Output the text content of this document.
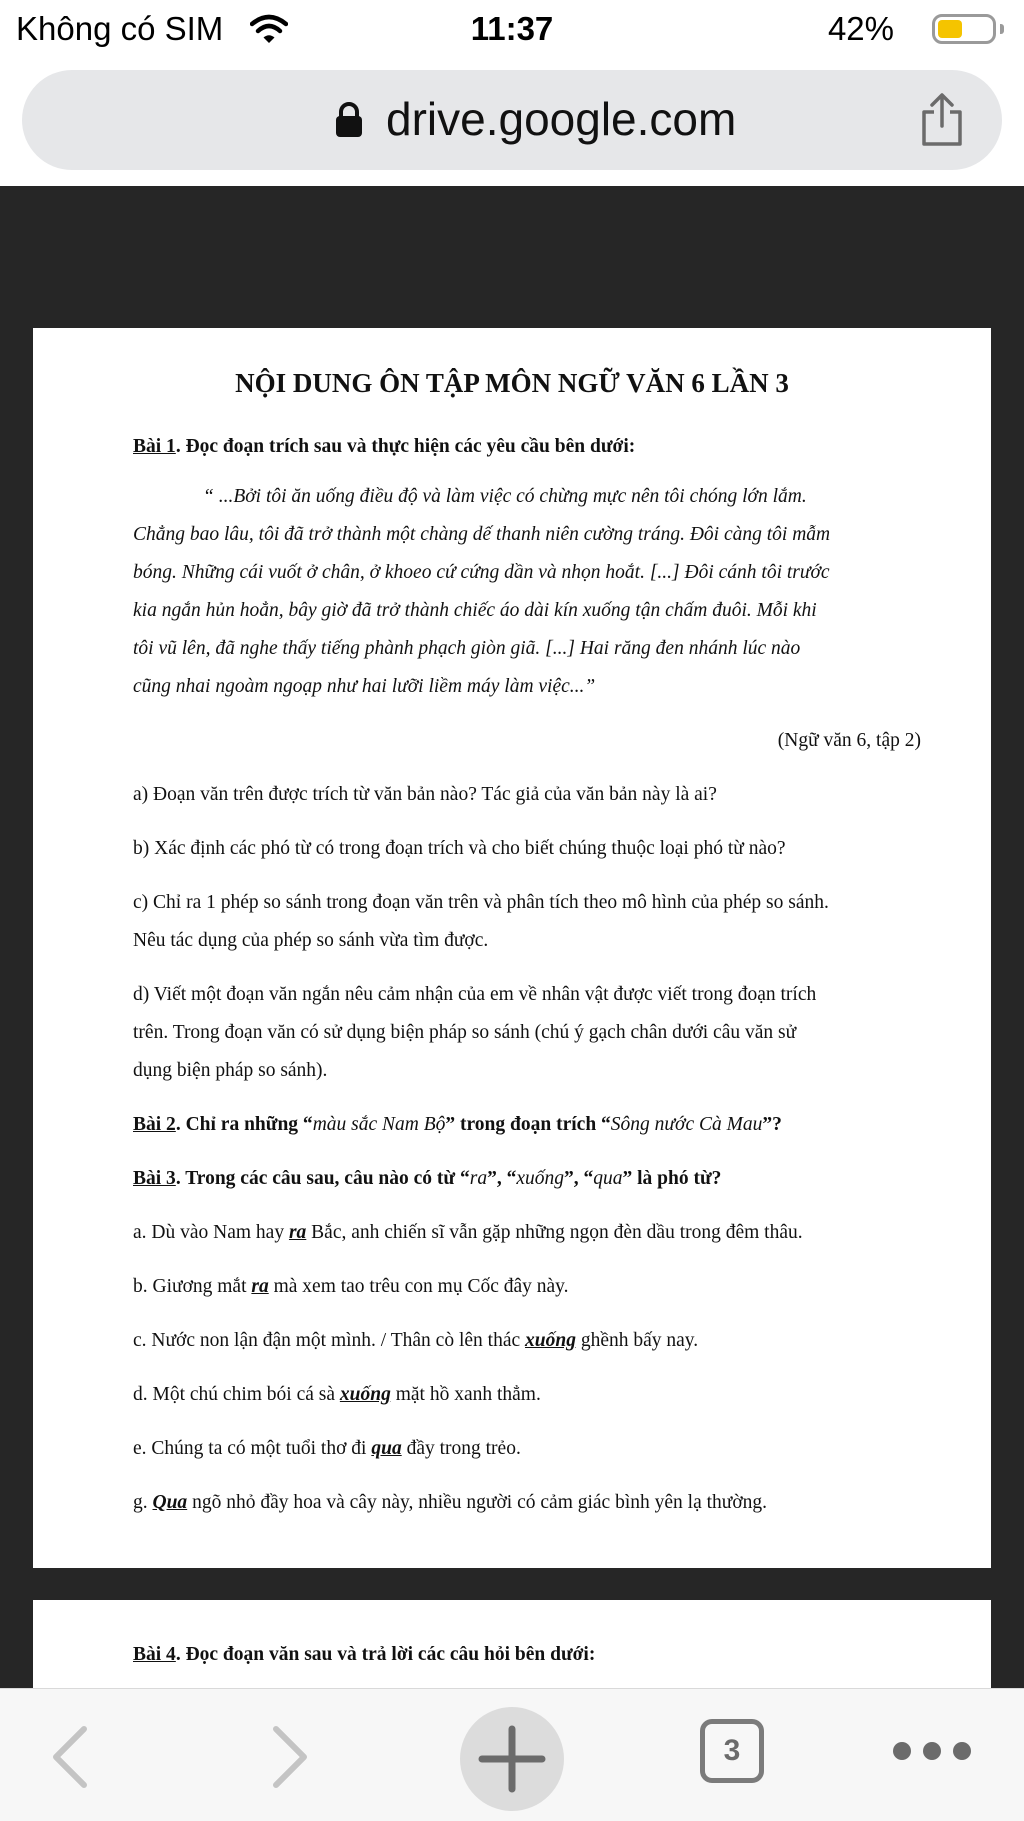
Không có SIM	11:37	42%
drive.google.com
NỘI DUNG ÔN TẬP MÔN NGỮ VĂN 6 LẦN 3
Bài 1. Đọc đoạn trích sau và thực hiện các yêu cầu bên dưới:
“ ...Bởi tôi ăn uống điều độ và làm việc có chừng mực nên tôi chóng lớn lắm.
Chẳng bao lâu, tôi đã trở thành một chàng dế thanh niên cường tráng. Đôi càng tôi mẫm
bóng. Những cái vuốt ở chân, ở khoeo cứ cứng dần và nhọn hoắt. [...] Đôi cánh tôi trước
kia ngắn hủn hoẳn, bây giờ đã trở thành chiếc áo dài kín xuống tận chấm đuôi. Mỗi khi
tôi vũ lên, đã nghe thấy tiếng phành phạch giòn giã. [...] Hai răng đen nhánh lúc nào
cũng nhai ngoàm ngoạp như hai lưỡi liềm máy làm việc...”
(Ngữ văn 6, tập 2)
a) Đoạn văn trên được trích từ văn bản nào? Tác giả của văn bản này là ai?
b) Xác định các phó từ có trong đoạn trích và cho biết chúng thuộc loại phó từ nào?
c) Chỉ ra 1 phép so sánh trong đoạn văn trên và phân tích theo mô hình của phép so sánh.
Nêu tác dụng của phép so sánh vừa tìm được.
d) Viết một đoạn văn ngắn nêu cảm nhận của em về nhân vật được viết trong đoạn trích
trên. Trong đoạn văn có sử dụng biện pháp so sánh (chú ý gạch chân dưới câu văn sử
dụng biện pháp so sánh).
Bài 2. Chỉ ra những “màu sắc Nam Bộ” trong đoạn trích “Sông nước Cà Mau”?
Bài 3. Trong các câu sau, câu nào có từ “ra”, “xuống”, “qua” là phó từ?
a. Dù vào Nam hay ra Bắc, anh chiến sĩ vẫn gặp những ngọn đèn dầu trong đêm thâu.
b. Giương mắt ra mà xem tao trêu con mụ Cốc đây này.
c. Nước non lận đận một mình. / Thân cò lên thác xuống ghềnh bấy nay.
d. Một chú chim bói cá sà xuống mặt hồ xanh thẳm.
e. Chúng ta có một tuổi thơ đi qua đầy trong trẻo.
g. Qua ngõ nhỏ đầy hoa và cây này, nhiều người có cảm giác bình yên lạ thường.
Bài 4. Đọc đoạn văn sau và trả lời các câu hỏi bên dưới:
3
